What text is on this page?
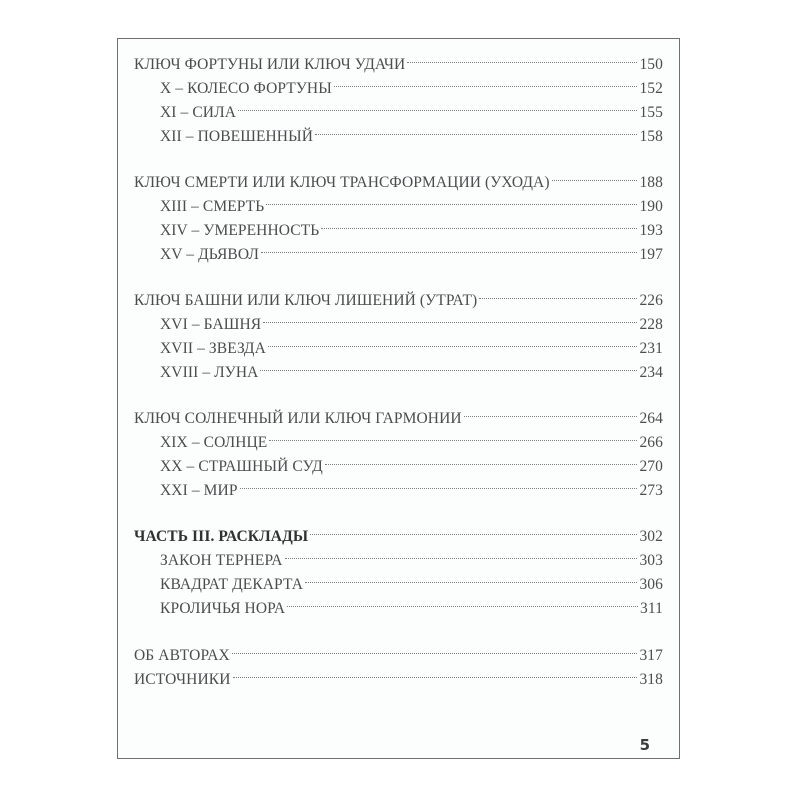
КЛЮЧ ФОРТУНЫ ИЛИ КЛЮЧ УДАЧИ	150
X – КОЛЕСО ФОРТУНЫ	152
XI – СИЛА	155
XII – ПОВЕШЕННЫЙ	158
КЛЮЧ СМЕРТИ ИЛИ КЛЮЧ ТРАНСФОРМАЦИИ (УХОДА)	188
XIII – СМЕРТЬ	190
XIV – УМЕРЕННОСТЬ	193
XV – ДЬЯВОЛ	197
КЛЮЧ БАШНИ ИЛИ КЛЮЧ ЛИШЕНИЙ (УТРАТ)	226
XVI – БАШНЯ	228
XVII – ЗВЕЗДА	231
XVIII – ЛУНА	234
КЛЮЧ СОЛНЕЧНЫЙ ИЛИ КЛЮЧ ГАРМОНИИ	264
XIX – СОЛНЦЕ	266
XX – СТРАШНЫЙ СУД	270
XXI – МИР	273
ЧАСТЬ III. РАСКЛАДЫ	302
ЗАКОН ТЕРНЕРА	303
КВАДРАТ ДЕКАРТА	306
КРОЛИЧЬЯ НОРА	311
ОБ АВТОРАХ	317
ИСТОЧНИКИ	318
5
